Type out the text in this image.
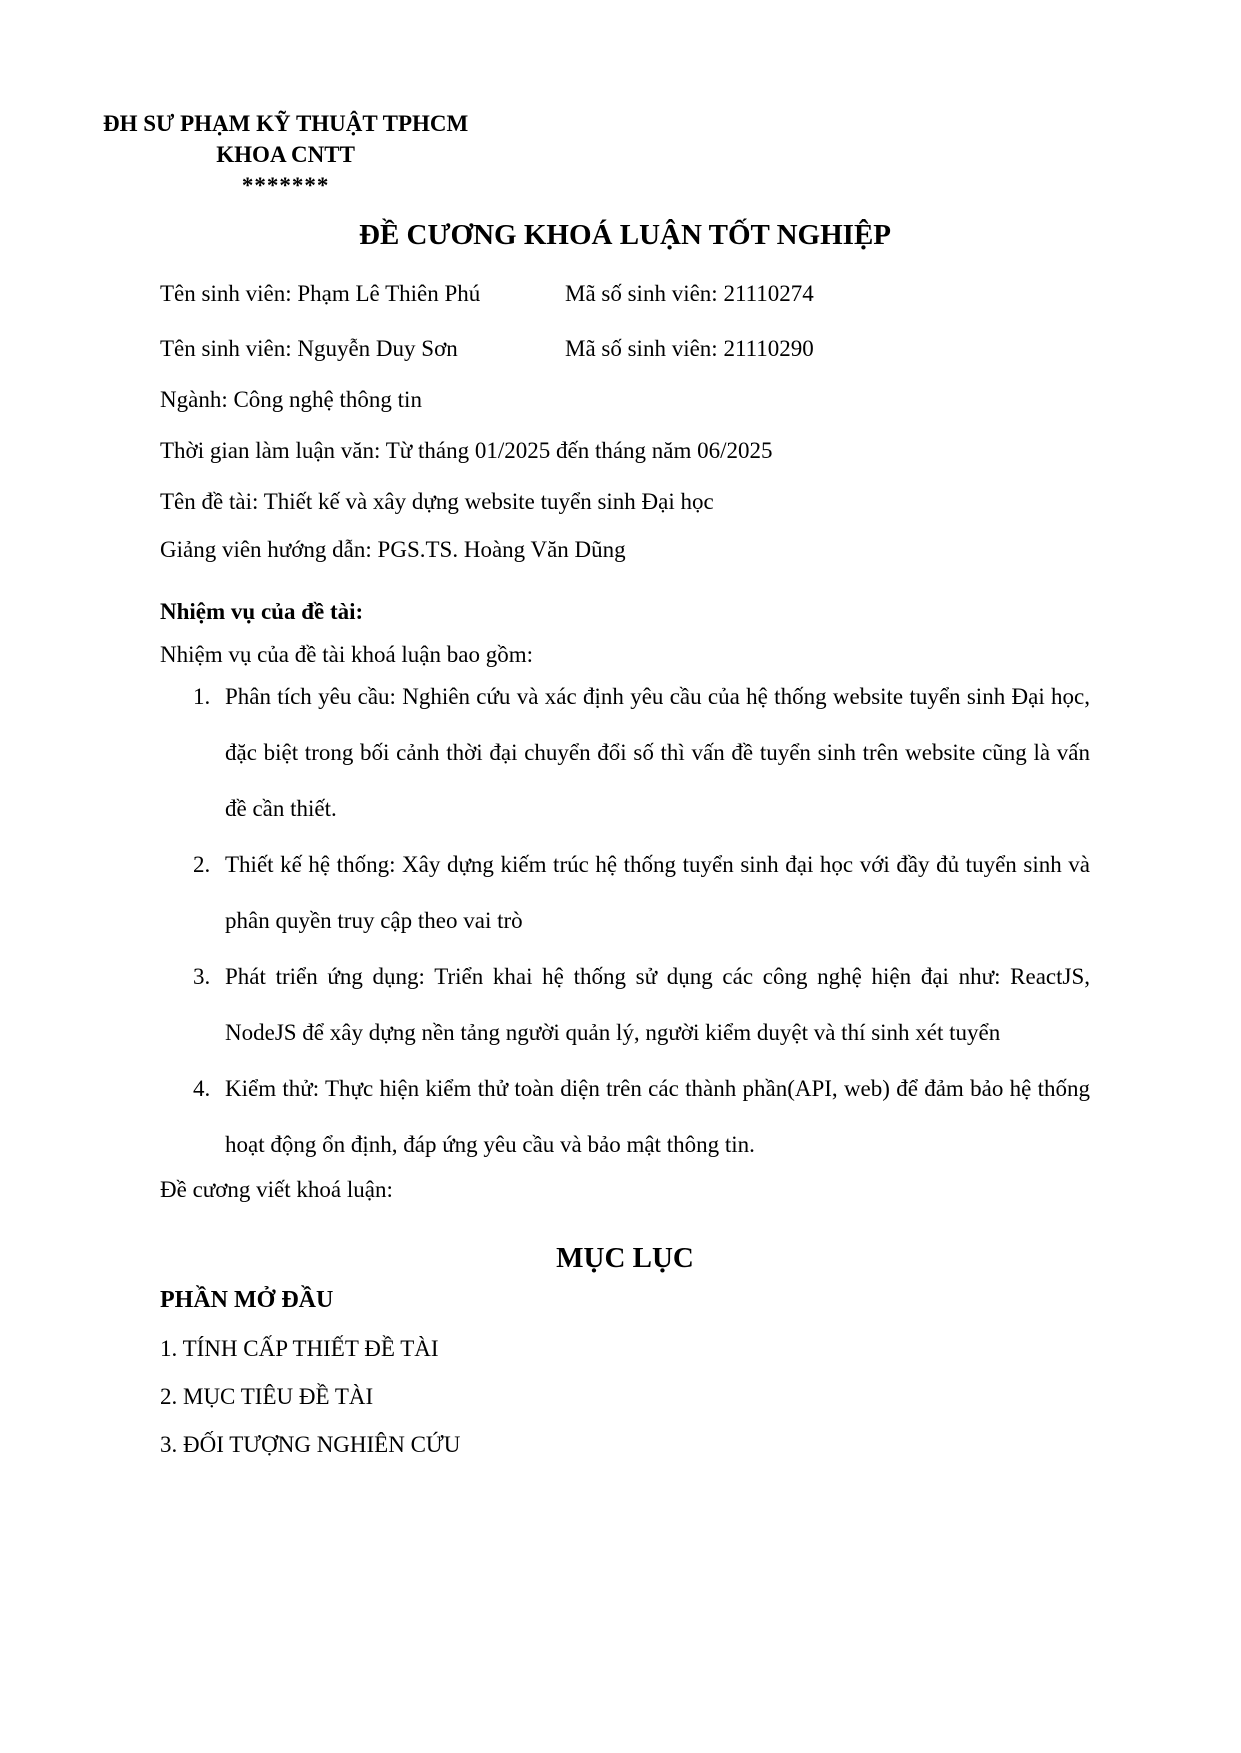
ĐH SƯ PHẠM KỸ THUẬT TPHCM
KHOA CNTT
*******
ĐỀ CƯƠNG KHOÁ LUẬN TỐT NGHIỆP
Tên sinh viên: Phạm Lê Thiên Phú	Mã số sinh viên: 21110274
Tên sinh viên: Nguyễn Duy Sơn	Mã số sinh viên: 21110290

Ngành: Công nghệ thông tin

Thời gian làm luận văn: Từ tháng 01/2025 đến tháng năm 06/2025

Tên đề tài: Thiết kế và xây dựng website tuyển sinh Đại học

Giảng viên hướng dẫn: PGS.TS. Hoàng Văn Dũng

Nhiệm vụ của đề tài:

Nhiệm vụ của đề tài khoá luận bao gồm:

1. Phân tích yêu cầu: Nghiên cứu và xác định yêu cầu của hệ thống website tuyển sinh Đại học, đặc biệt trong bối cảnh thời đại chuyển đổi số thì vấn đề tuyển sinh trên website cũng là vấn đề cần thiết.
2. Thiết kế hệ thống: Xây dựng kiếm trúc hệ thống tuyển sinh đại học với đầy đủ tuyển sinh và phân quyền truy cập theo vai trò
3. Phát triển ứng dụng: Triển khai hệ thống sử dụng các công nghệ hiện đại như: ReactJS, NodeJS để xây dựng nền tảng người quản lý, người kiểm duyệt và thí sinh xét tuyển
4. Kiểm thử: Thực hiện kiểm thử toàn diện trên các thành phần(API, web) để đảm bảo hệ thống hoạt động ổn định, đáp ứng yêu cầu và bảo mật thông tin.

Đề cương viết khoá luận:

MỤC LỤC

PHẦN MỞ ĐẦU

1. TÍNH CẤP THIẾT ĐỀ TÀI

2. MỤC TIÊU ĐỀ TÀI

3. ĐỐI TƯỢNG NGHIÊN CỨU
